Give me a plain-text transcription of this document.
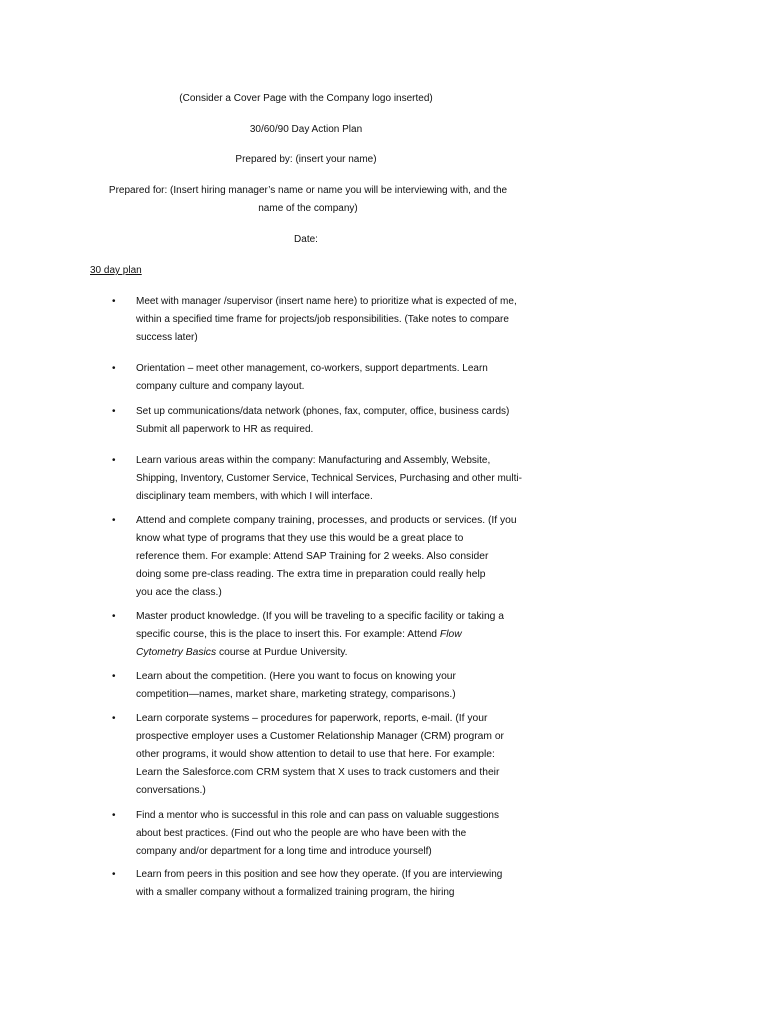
(Consider a Cover Page with the Company logo inserted)
30/60/90 Day Action Plan
Prepared by: (insert your name)
Prepared for: (Insert hiring manager’s name or name you will be interviewing with, and the
name of the company)
Date:
30 day plan
• Meet with manager /supervisor (insert name here) to prioritize what is expected of me,
within a specified time frame for projects/job responsibilities. (Take notes to compare
success later)
• Orientation – meet other management, co-workers, support departments. Learn
company culture and company layout.
• Set up communications/data network (phones, fax, computer, office, business cards)
Submit all paperwork to HR as required.
• Learn various areas within the company: Manufacturing and Assembly, Website,
Shipping, Inventory, Customer Service, Technical Services, Purchasing and other multi-
disciplinary team members, with which I will interface.
• Attend and complete company training, processes, and products or services. (If you
know what type of programs that they use this would be a great place to
reference them. For example: Attend SAP Training for 2 weeks. Also consider
doing some pre-class reading. The extra time in preparation could really help
you ace the class.)
• Master product knowledge. (If you will be traveling to a specific facility or taking a
specific course, this is the place to insert this. For example: Attend Flow
Cytometry Basics course at Purdue University.
• Learn about the competition. (Here you want to focus on knowing your
competition—names, market share, marketing strategy, comparisons.)
• Learn corporate systems – procedures for paperwork, reports, e-mail. (If your
prospective employer uses a Customer Relationship Manager (CRM) program or
other programs, it would show attention to detail to use that here. For example:
Learn the Salesforce.com CRM system that X uses to track customers and their
conversations.)
• Find a mentor who is successful in this role and can pass on valuable suggestions
about best practices. (Find out who the people are who have been with the
company and/or department for a long time and introduce yourself)
• Learn from peers in this position and see how they operate. (If you are interviewing
with a smaller company without a formalized training program, the hiring
